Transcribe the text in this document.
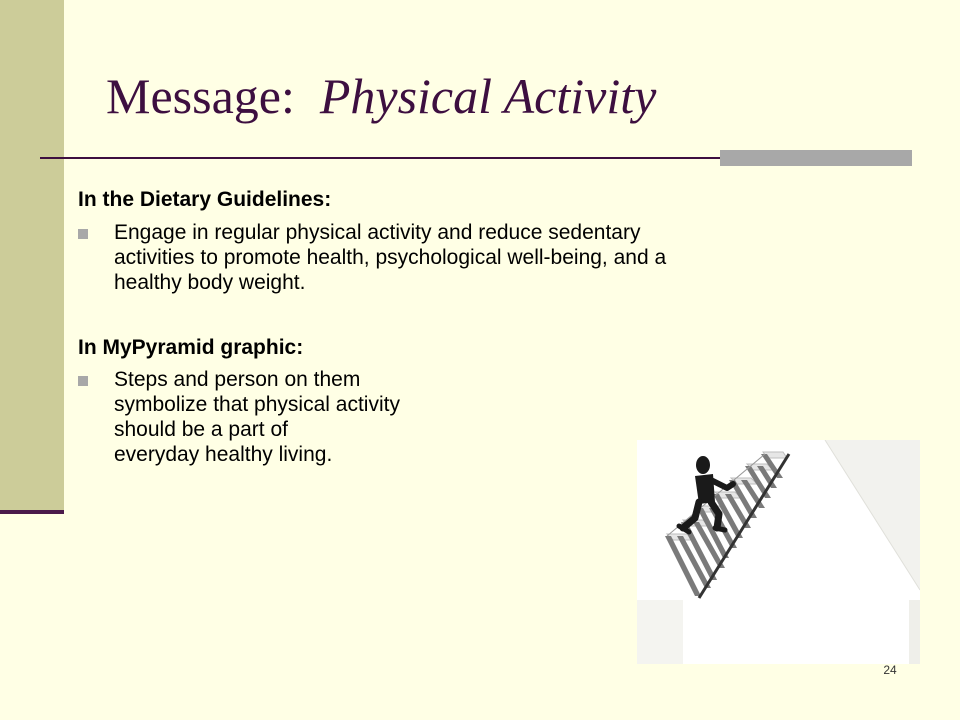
Message: Physical Activity
In the Dietary Guidelines:

Engage in regular physical activity and reduce sedentary
activities to promote health, psychological well-being, and a
healthy body weight.

In MyPyramid graphic:

Steps and person on them
symbolize that physical activity
should be a part of
everyday healthy living.

24
